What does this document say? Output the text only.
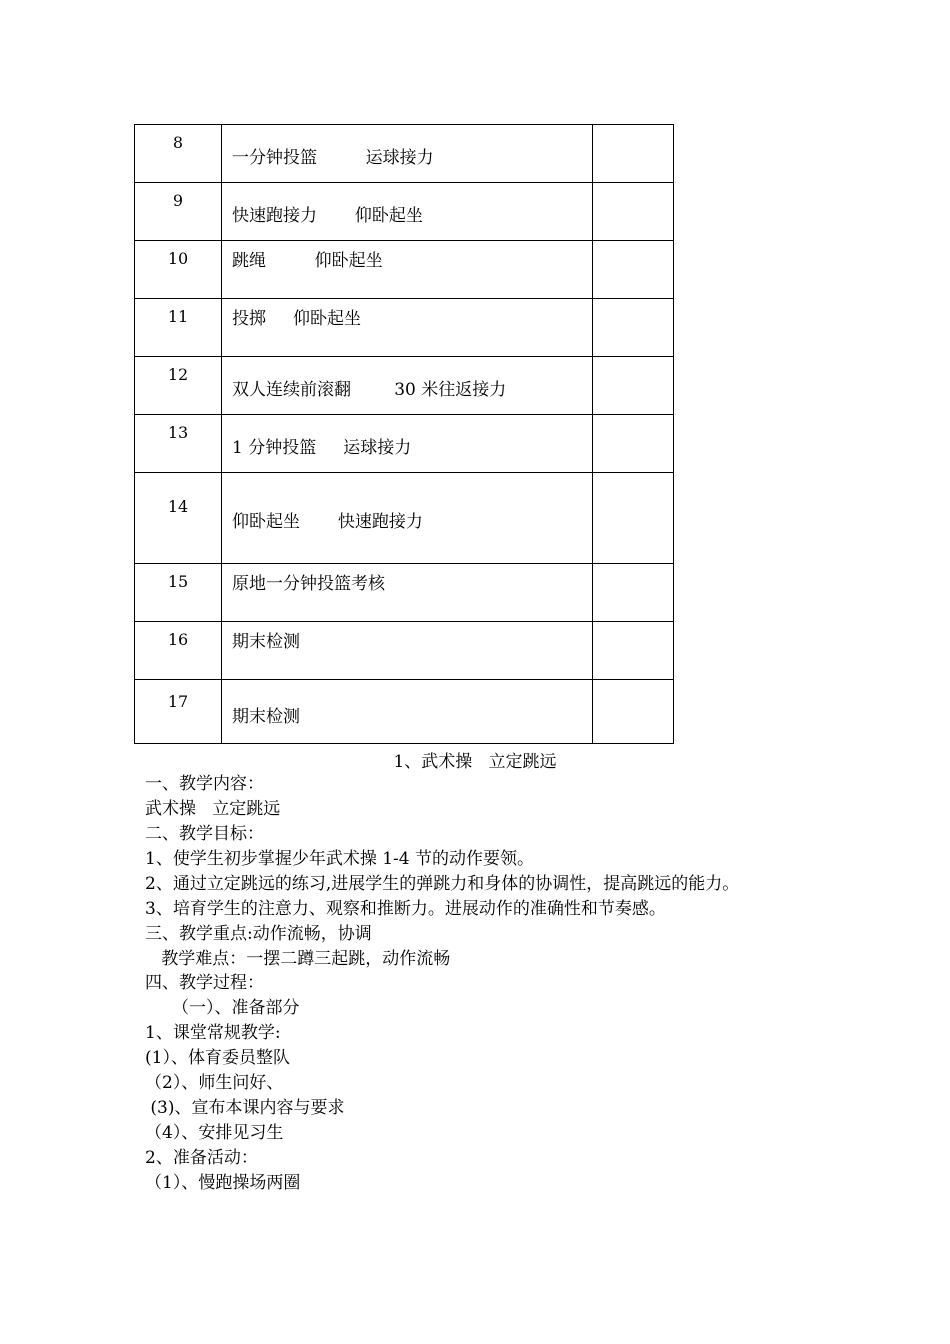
8	一分钟投篮         运球接力	

9	快速跑接力       仰卧起坐	

10	跳绳         仰卧起坐	

11	投掷     仰卧起坐	

12	双人连续前滚翻        30 米往返接力	

13	1 分钟投篮     运球接力	

14	仰卧起坐       快速跑接力	

15	原地一分钟投篮考核	

16	期末检测	

17	期末检测	

1、武术操   立定跳远
一、教学内容：
武术操   立定跳远
二、教学目标：
1、使学生初步掌握少年武术操 1-4 节的动作要领。
2、通过立定跳远的练习,进展学生的弹跳力和身体的协调性，提高跳远的能力。
3、培育学生的注意力、观察和推断力。进展动作的准确性和节奏感。
三、教学重点:动作流畅，协调
教学难点：一摆二蹲三起跳，动作流畅
四、教学过程：
（一）、准备部分
1、课堂常规教学:
(1）、体育委员整队
（2）、师生问好、
(3)、宣布本课内容与要求
（4）、安排见习生
2、准备活动：
（1）、慢跑操场两圈
